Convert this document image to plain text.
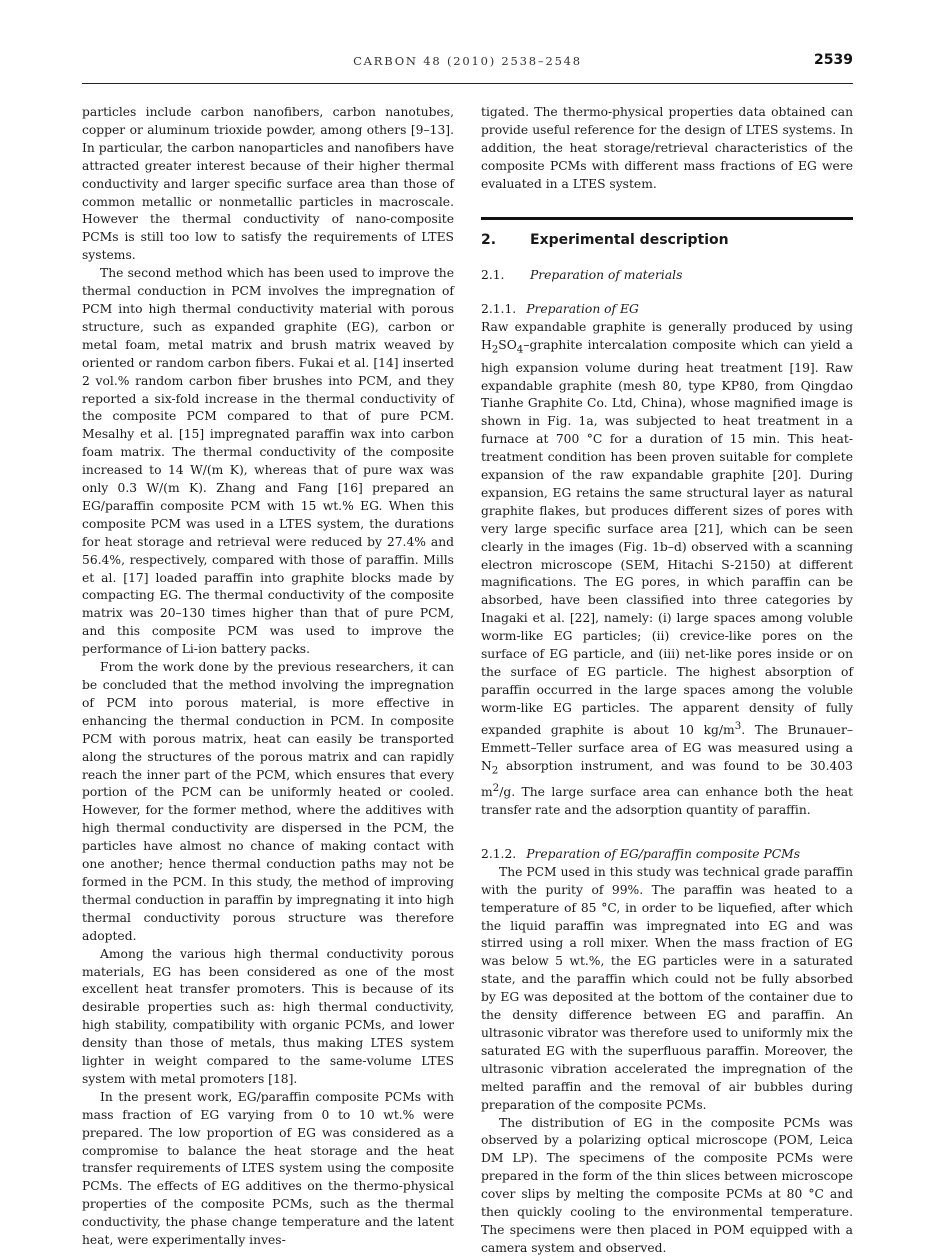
CARBON 48 (2010) 2538–2548	2539

particles include carbon nanofibers, carbon nanotubes, copper or aluminum trioxide powder, among others [9–13]. In particular, the carbon nanoparticles and nanofibers have attracted greater interest because of their higher thermal conductivity and larger specific surface area than those of common metallic or nonmetallic particles in macroscale. However the thermal conductivity of nano-composite PCMs is still too low to satisfy the requirements of LTES systems.

The second method which has been used to improve the thermal conduction in PCM involves the impregnation of PCM into high thermal conductivity material with porous structure, such as expanded graphite (EG), carbon or metal foam, metal matrix and brush matrix weaved by oriented or random carbon fibers. Fukai et al. [14] inserted 2 vol.% random carbon fiber brushes into PCM, and they reported a six-fold increase in the thermal conductivity of the composite PCM compared to that of pure PCM. Mesalhy et al. [15] impregnated paraffin wax into carbon foam matrix. The thermal conductivity of the composite increased to 14 W/(m K), whereas that of pure wax was only 0.3 W/(m K). Zhang and Fang [16] prepared an EG/paraffin composite PCM with 15 wt.% EG. When this composite PCM was used in a LTES system, the durations for heat storage and retrieval were reduced by 27.4% and 56.4%, respectively, compared with those of paraffin. Mills et al. [17] loaded paraffin into graphite blocks made by compacting EG. The thermal conductivity of the composite matrix was 20–130 times higher than that of pure PCM, and this composite PCM was used to improve the performance of Li-ion battery packs.

From the work done by the previous researchers, it can be concluded that the method involving the impregnation of PCM into porous material, is more effective in enhancing the thermal conduction in PCM. In composite PCM with porous matrix, heat can easily be transported along the structures of the porous matrix and can rapidly reach the inner part of the PCM, which ensures that every portion of the PCM can be uniformly heated or cooled. However, for the former method, where the additives with high thermal conductivity are dispersed in the PCM, the particles have almost no chance of making contact with one another; hence thermal conduction paths may not be formed in the PCM. In this study, the method of improving thermal conduction in paraffin by impregnating it into high thermal conductivity porous structure was therefore adopted.

Among the various high thermal conductivity porous materials, EG has been considered as one of the most excellent heat transfer promoters. This is because of its desirable properties such as: high thermal conductivity, high stability, compatibility with organic PCMs, and lower density than those of metals, thus making LTES system lighter in weight compared to the same-volume LTES system with metal promoters [18].

In the present work, EG/paraffin composite PCMs with mass fraction of EG varying from 0 to 10 wt.% were prepared. The low proportion of EG was considered as a compromise to balance the heat storage and the heat transfer requirements of LTES system using the composite PCMs. The effects of EG additives on the thermo-physical properties of the composite PCMs, such as the thermal conductivity, the phase change temperature and the latent heat, were experimentally inves-

tigated. The thermo-physical properties data obtained can provide useful reference for the design of LTES systems. In addition, the heat storage/retrieval characteristics of the composite PCMs with different mass fractions of EG were evaluated in a LTES system.

2. Experimental description
2.1. Preparation of materials
2.1.1. Preparation of EG

Raw expandable graphite is generally produced by using $H_2SO_4$–graphite intercalation composite which can yield a high expansion volume during heat treatment [19]. Raw expandable graphite (mesh 80, type KP80, from Qingdao Tianhe Graphite Co. Ltd, China), whose magnified image is shown in Fig. 1a, was subjected to heat treatment in a furnace at 700 °C for a duration of 15 min. This heat-treatment condition has been proven suitable for complete expansion of the raw expandable graphite [20]. During expansion, EG retains the same structural layer as natural graphite flakes, but produces different sizes of pores with very large specific surface area [21], which can be seen clearly in the images (Fig. 1b–d) observed with a scanning electron microscope (SEM, Hitachi S-2150) at different magnifications. The EG pores, in which paraffin can be absorbed, have been classified into three categories by Inagaki et al. [22], namely: (i) large spaces among voluble worm-like EG particles; (ii) crevice-like pores on the surface of EG particle, and (iii) net-like pores inside or on the surface of EG particle. The highest absorption of paraffin occurred in the large spaces among the voluble worm-like EG particles. The apparent density of fully expanded graphite is about 10 $kg/m^3$. The Brunauer–Emmett–Teller surface area of EG was measured using a $N_2$ absorption instrument, and was found to be 30.403 $m^2/g$. The large surface area can enhance both the heat transfer rate and the adsorption quantity of paraffin.

2.1.2. Preparation of EG/paraffin composite PCMs

The PCM used in this study was technical grade paraffin with the purity of 99%. The paraffin was heated to a temperature of 85 °C, in order to be liquefied, after which the liquid paraffin was impregnated into EG and was stirred using a roll mixer. When the mass fraction of EG was below 5 wt.%, the EG particles were in a saturated state, and the paraffin which could not be fully absorbed by EG was deposited at the bottom of the container due to the density difference between EG and paraffin. An ultrasonic vibrator was therefore used to uniformly mix the saturated EG with the superfluous paraffin. Moreover, the ultrasonic vibration accelerated the impregnation of the melted paraffin and the removal of air bubbles during preparation of the composite PCMs.

The distribution of EG in the composite PCMs was observed by a polarizing optical microscope (POM, Leica DM LP). The specimens of the composite PCMs were prepared in the form of the thin slices between microscope cover slips by melting the composite PCMs at 80 °C and then quickly cooling to the environmental temperature. The specimens were then placed in POM equipped with a camera system and observed.
